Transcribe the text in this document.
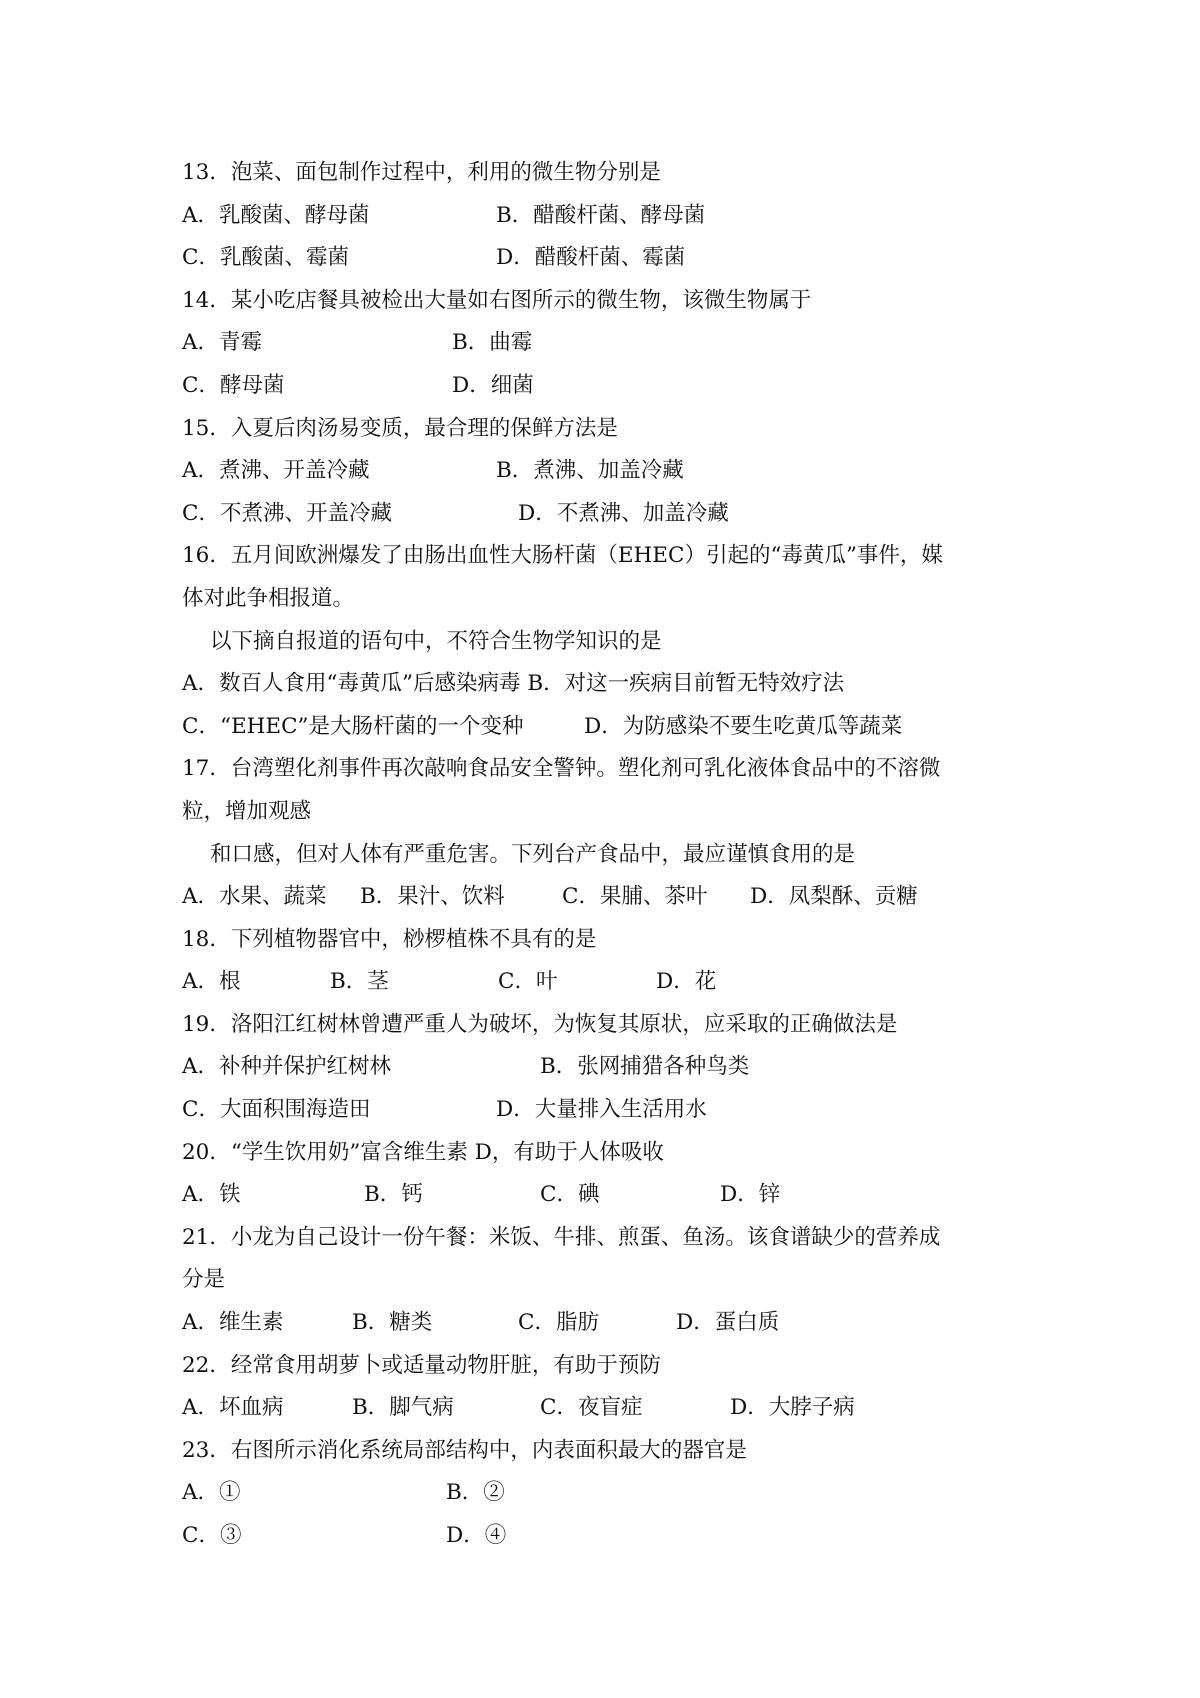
13．泡菜、面包制作过程中，利用的微生物分别是
A．乳酸菌、酵母菌	B．醋酸杆菌、酵母菌
C．乳酸菌、霉菌	D．醋酸杆菌、霉菌
14．某小吃店餐具被检出大量如右图所示的微生物，该微生物属于
A．青霉	B．曲霉
C．酵母菌	D．细菌
15．入夏后肉汤易变质，最合理的保鲜方法是
A．煮沸、开盖冷藏	B．煮沸、加盖冷藏
C．不煮沸、开盖冷藏	D．不煮沸、加盖冷藏
16．五月间欧洲爆发了由肠出血性大肠杆菌（EHEC）引起的“毒黄瓜”事件，媒
体对此争相报道。
以下摘自报道的语句中，不符合生物学知识的是
A．数百人食用“毒黄瓜”后感染病毒 B．对这一疾病目前暂无特效疗法
C．“EHEC”是大肠杆菌的一个变种	D．为防感染不要生吃黄瓜等蔬菜
17．台湾塑化剂事件再次敲响食品安全警钟。塑化剂可乳化液体食品中的不溶微
粒，增加观感
和口感，但对人体有严重危害。下列台产食品中，最应谨慎食用的是
A．水果、蔬菜 B．果汁、饮料	C．果脯、茶叶 D．凤梨酥、贡糖
18．下列植物器官中，桫椤植株不具有的是
A．根	B．茎	C．叶	D．花
19．洛阳江红树林曾遭严重人为破坏，为恢复其原状，应采取的正确做法是
A．补种并保护红树林	B．张网捕猎各种鸟类
C．大面积围海造田	D．大量排入生活用水
20．“学生饮用奶”富含维生素 D，有助于人体吸收
A．铁	B．钙	C．碘	D．锌
21．小龙为自己设计一份午餐：米饭、牛排、煎蛋、鱼汤。该食谱缺少的营养成
分是
A．维生素	B．糖类	C．脂肪	D．蛋白质
22．经常食用胡萝卜或适量动物肝脏，有助于预防
A．坏血病	B．脚气病	C．夜盲症	D．大脖子病
23．右图所示消化系统局部结构中，内表面积最大的器官是
A．①	B．②
C．③	D．④
